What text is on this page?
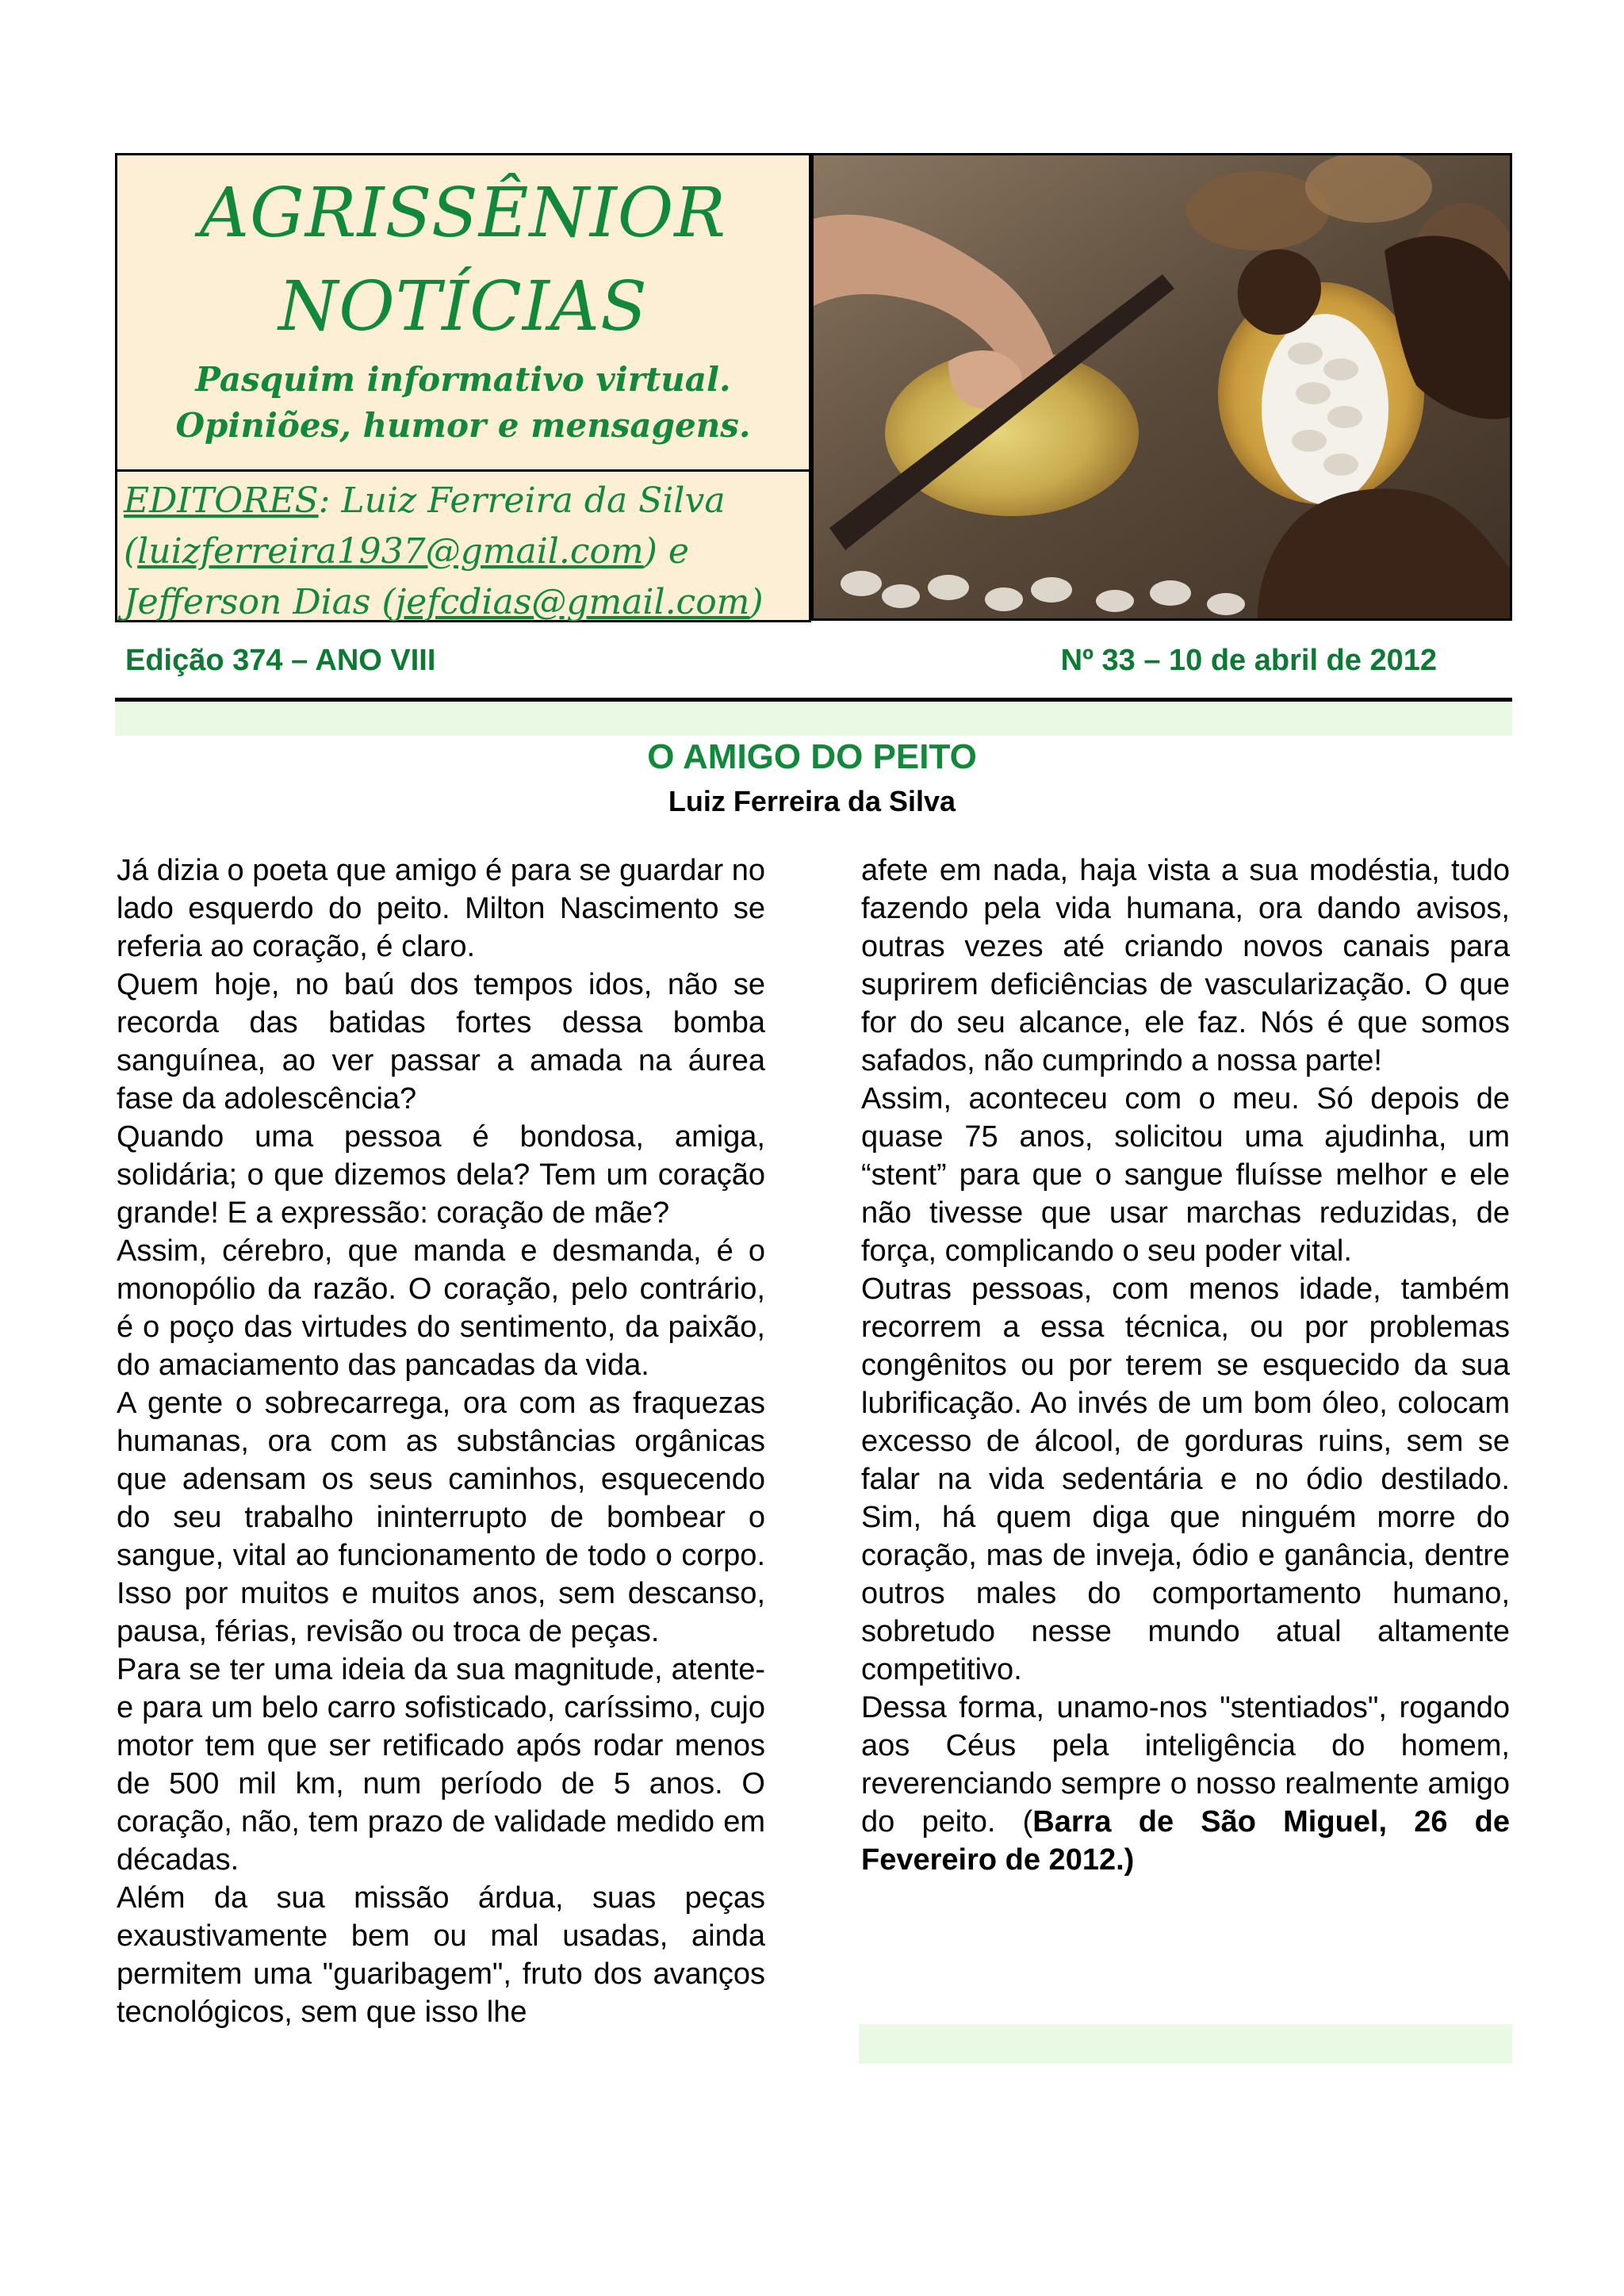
AGRISSÊNIOR
NOTÍCIAS
Pasquim informativo virtual.
Opiniões, humor e mensagens.
EDITORES: Luiz Ferreira da Silva
(luizferreira1937@gmail.com) e
Jefferson Dias (jefcdias@gmail.com)
Edição 374 – ANO VIII	Nº 33 – 10 de abril de 2012
O AMIGO DO PEITO
Luiz Ferreira da Silva

Já dizia o poeta que amigo é para se guardar no lado esquerdo do peito. Milton Nascimento se referia ao coração, é claro.

Quem hoje, no baú dos tempos idos, não se recorda das batidas fortes dessa bomba sanguínea, ao ver passar a amada na áurea fase da adolescência?

Quando uma pessoa é bondosa, amiga, solidária; o que dizemos dela? Tem um coração grande! E a expressão: coração de mãe?

Assim, cérebro, que manda e desmanda, é o monopólio da razão. O coração, pelo contrário, é o poço das virtudes do sentimento, da paixão, do amaciamento das pancadas da vida.

A gente o sobrecarrega, ora com as fraquezas humanas, ora com as substâncias orgânicas que adensam os seus caminhos, esquecendo do seu trabalho ininterrupto de bombear o sangue, vital ao funcionamento de todo o corpo. Isso por muitos e muitos anos, sem descanso, pausa, férias, revisão ou troca de peças.

Para se ter uma ideia da sua magnitude, atente-e para um belo carro sofisticado, caríssimo, cujo motor tem que ser retificado após rodar menos de 500 mil km, num período de 5 anos. O coração, não, tem prazo de validade medido em décadas.

Além da sua missão árdua, suas peças exaustivamente bem ou mal usadas, ainda permitem uma "guaribagem", fruto dos avanços tecnológicos, sem que isso lhe

afete em nada, haja vista a sua modéstia, tudo fazendo pela vida humana, ora dando avisos, outras vezes até criando novos canais para suprirem deficiências de vascularização. O que for do seu alcance, ele faz. Nós é que somos safados, não cumprindo a nossa parte!

Assim, aconteceu com o meu. Só depois de quase 75 anos, solicitou uma ajudinha, um “stent” para que o sangue fluísse melhor e ele não tivesse que usar marchas reduzidas, de força, complicando o seu poder vital.

Outras pessoas, com menos idade, também recorrem a essa técnica, ou por problemas congênitos ou por terem se esquecido da sua lubrificação. Ao invés de um bom óleo, colocam excesso de álcool, de gorduras ruins, sem se falar na vida sedentária e no ódio destilado. Sim, há quem diga que ninguém morre do coração, mas de inveja, ódio e ganância, dentre outros males do comportamento humano, sobretudo nesse mundo atual altamente competitivo.

Dessa forma, unamo-nos "stentiados", rogando aos Céus pela inteligência do homem, reverenciando sempre o nosso realmente amigo do peito. (Barra de São Miguel, 26 de Fevereiro de 2012.)
